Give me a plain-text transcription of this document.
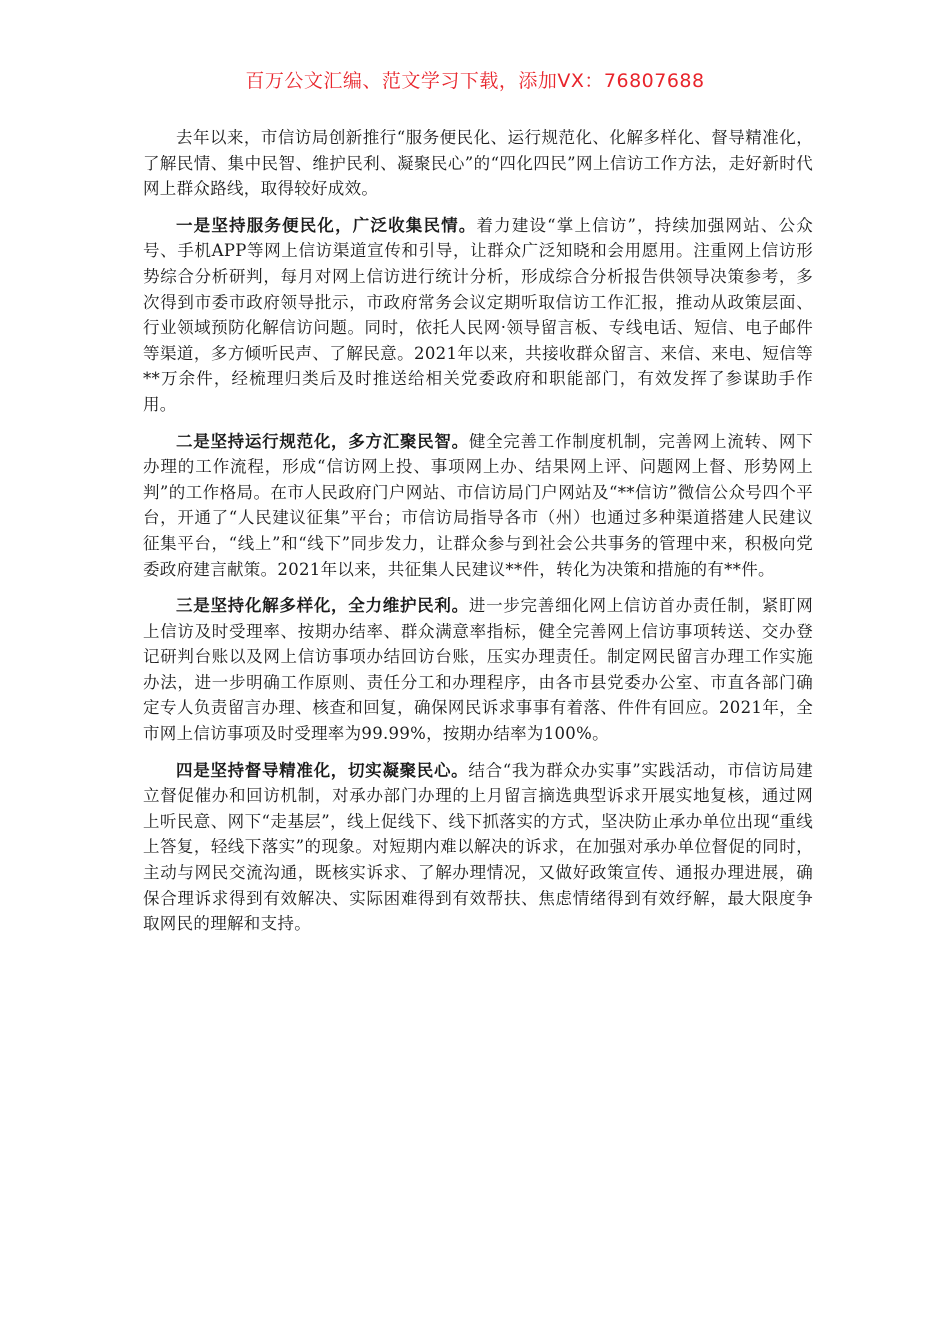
百万公文汇编、范文学习下载，添加VX：76807688

去年以来，市信访局创新推行“服务便民化、运行规范化、化解多样化、督导精准化，了解民情、集中民智、维护民利、凝聚民心”的“四化四民”网上信访工作方法，走好新时代网上群众路线，取得较好成效。

一是坚持服务便民化，广泛收集民情。着力建设“掌上信访”，持续加强网站、公众号、手机APP等网上信访渠道宣传和引导，让群众广泛知晓和会用愿用。注重网上信访形势综合分析研判，每月对网上信访进行统计分析，形成综合分析报告供领导决策参考，多次得到市委市政府领导批示，市政府常务会议定期听取信访工作汇报，推动从政策层面、行业领域预防化解信访问题。同时，依托人民网·领导留言板、专线电话、短信、电子邮件等渠道，多方倾听民声、了解民意。2021年以来，共接收群众留言、来信、来电、短信等**万余件，经梳理归类后及时推送给相关党委政府和职能部门，有效发挥了参谋助手作用。

二是坚持运行规范化，多方汇聚民智。健全完善工作制度机制，完善网上流转、网下办理的工作流程，形成“信访网上投、事项网上办、结果网上评、问题网上督、形势网上判”的工作格局。在市人民政府门户网站、市信访局门户网站及“**信访”微信公众号四个平台，开通了“人民建议征集”平台；市信访局指导各市（州）也通过多种渠道搭建人民建议征集平台，“线上”和“线下”同步发力，让群众参与到社会公共事务的管理中来，积极向党委政府建言献策。2021年以来，共征集人民建议**件，转化为决策和措施的有**件。

三是坚持化解多样化，全力维护民利。进一步完善细化网上信访首办责任制，紧盯网上信访及时受理率、按期办结率、群众满意率指标，健全完善网上信访事项转送、交办登记研判台账以及网上信访事项办结回访台账，压实办理责任。制定网民留言办理工作实施办法，进一步明确工作原则、责任分工和办理程序，由各市县党委办公室、市直各部门确定专人负责留言办理、核查和回复，确保网民诉求事事有着落、件件有回应。2021年，全市网上信访事项及时受理率为99.99%，按期办结率为100%。

四是坚持督导精准化，切实凝聚民心。结合“我为群众办实事”实践活动，市信访局建立督促催办和回访机制，对承办部门办理的上月留言摘选典型诉求开展实地复核，通过网上听民意、网下“走基层”，线上促线下、线下抓落实的方式，坚决防止承办单位出现“重线上答复，轻线下落实”的现象。对短期内难以解决的诉求，在加强对承办单位督促的同时，主动与网民交流沟通，既核实诉求、了解办理情况，又做好政策宣传、通报办理进展，确保合理诉求得到有效解决、实际困难得到有效帮扶、焦虑情绪得到有效纾解，最大限度争取网民的理解和支持。
